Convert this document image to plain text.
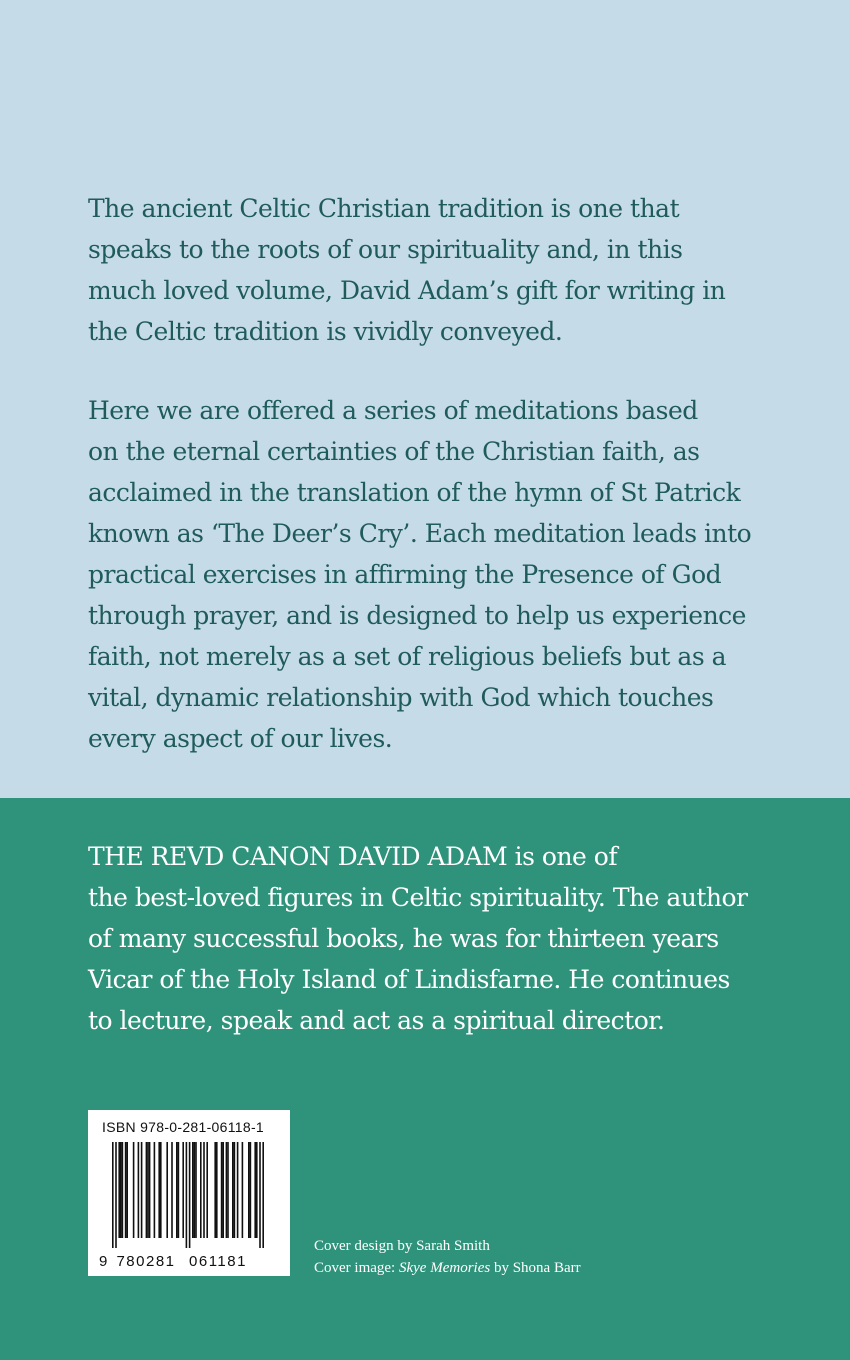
The ancient Celtic Christian tradition is one that
speaks to the roots of our spirituality and, in this
much loved volume, David Adam’s gift for writing in
the Celtic tradition is vividly conveyed.
Here we are offered a series of meditations based
on the eternal certainties of the Christian faith, as
acclaimed in the translation of the hymn of St Patrick
known as ‘The Deer’s Cry’. Each meditation leads into
practical exercises in affirming the Presence of God
through prayer, and is designed to help us experience
faith, not merely as a set of religious beliefs but as a
vital, dynamic relationship with God which touches
every aspect of our lives.
THE REVD CANON DAVID ADAM is one of
the best-loved figures in Celtic spirituality. The author
of many successful books, he was for thirteen years
Vicar of the Holy Island of Lindisfarne. He continues
to lecture, speak and act as a spiritual director.
ISBN 978-0-281-06118-1
9 780281 061181
Cover design by Sarah Smith
Cover image: Skye Memories by Shona Barr
